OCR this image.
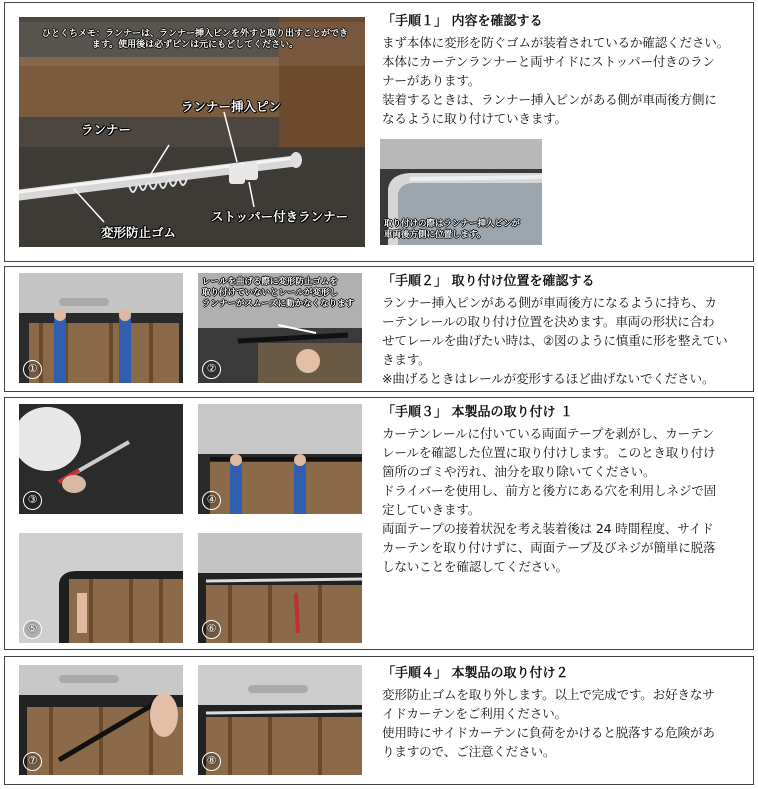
ひとくちメモ：ランナーは、ランナー挿入ピンを外すと取り出すことができ
ます。使用後は必ずピンは元にもどしてください。
ランナー
ランナー挿入ピン
ストッパー付きランナー
変形防止ゴム
「手順１」 内容を確認する
まず本体に変形を防ぐゴムが装着されているか確認ください。
本体にカーテンランナーと両サイドにストッパー付きのラン
ナーがあります。
装着するときは、ランナー挿入ピンがある側が車両後方側に
なるように取り付けていきます。
取り付けの際はランナー挿入ピンが
車両後方側に位置します。
①
レールを曲げる際に変形防止ゴムを
取り付けていないとレールが変形し
ランナーがスムーズに動かなくなります
②
「手順２」 取り付け位置を確認する
ランナー挿入ピンがある側が車両後方になるように持ち、カ
ーテンレールの取り付け位置を決めます。車両の形状に合わ
せてレールを曲げたい時は、②図のように慎重に形を整えてい
きます。
※曲げるときはレールが変形するほど曲げないでください。
③	④
⑤	⑥
「手順３」 本製品の取り付け １
カーテンレールに付いている両面テープを剥がし、カーテン
レールを確認した位置に取り付けします。このとき取り付け
箇所のゴミや汚れ、油分を取り除いてください。
ドライバーを使用し、前方と後方にある穴を利用しネジで固
定していきます。
両面テープの接着状況を考え装着後は 24 時間程度、サイド
カーテンを取り付けずに、両面テープ及びネジが簡単に脱落
しないことを確認してください。
⑦	⑧
「手順４」 本製品の取り付け２
変形防止ゴムを取り外します。以上で完成です。お好きなサ
イドカーテンをご利用ください。
使用時にサイドカーテンに負荷をかけると脱落する危険があ
りますので、ご注意ください。
